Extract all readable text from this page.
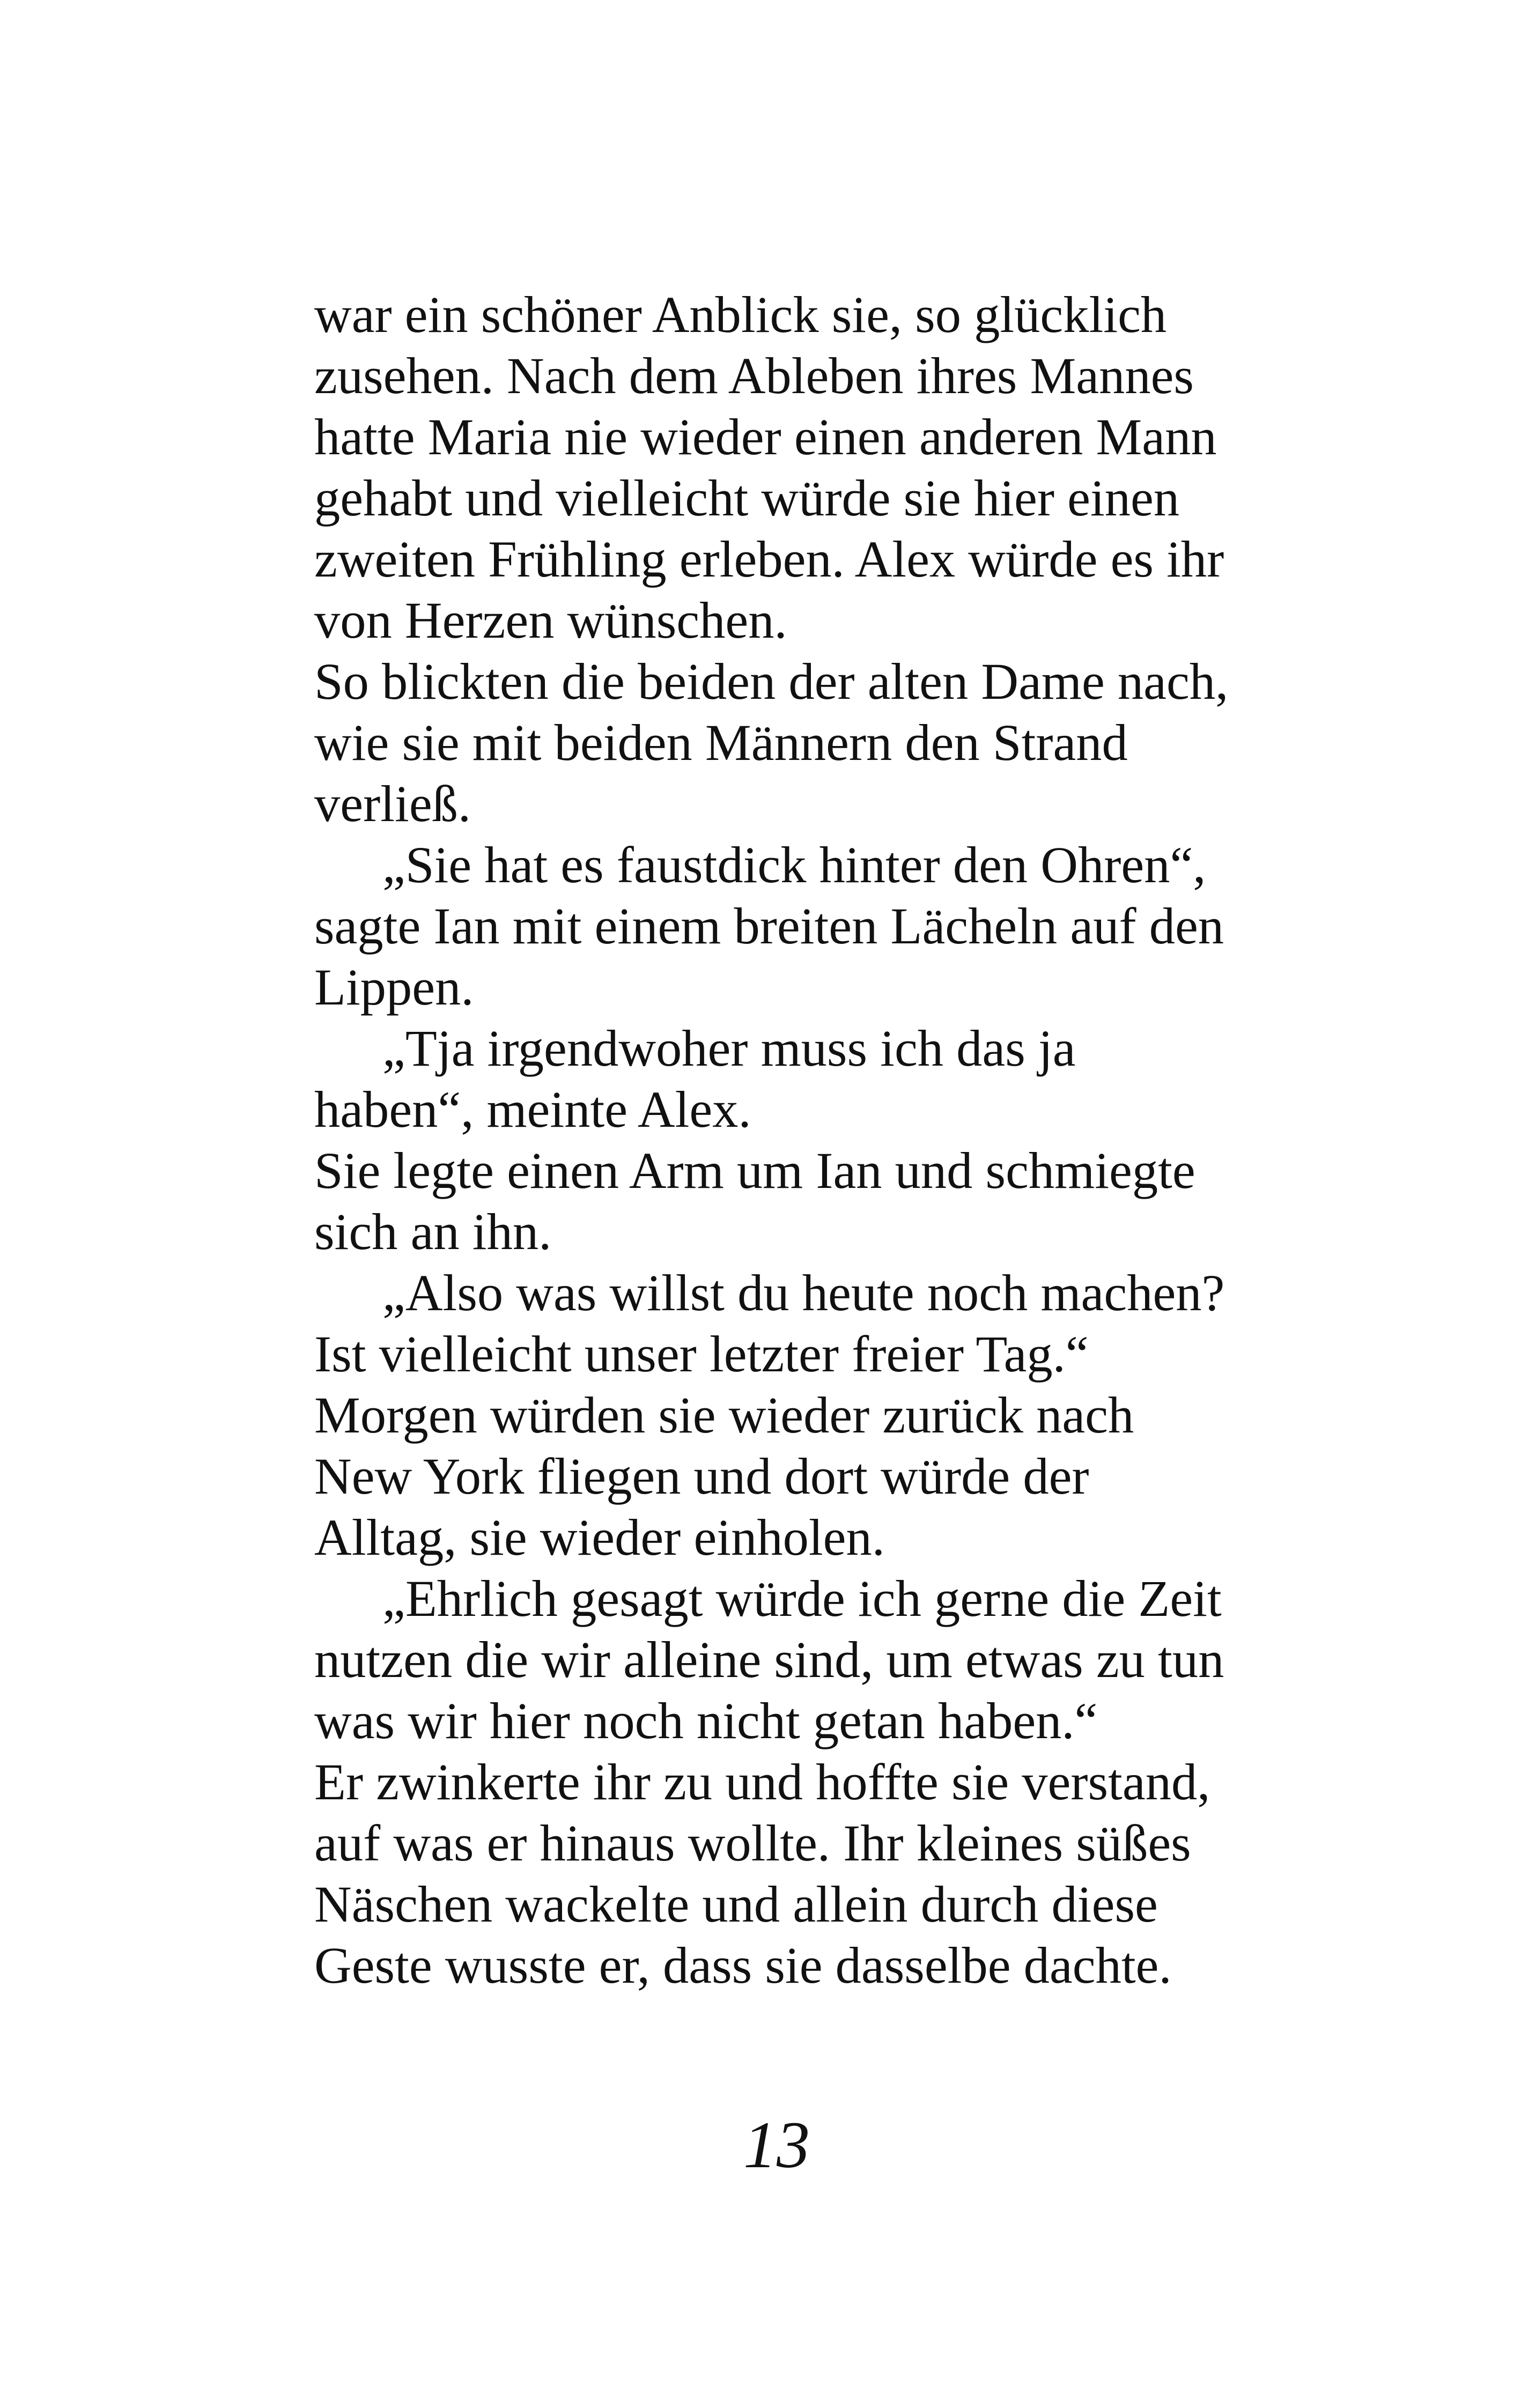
war ein schöner Anblick sie, so glücklich
zusehen. Nach dem Ableben ihres Mannes
hatte Maria nie wieder einen anderen Mann
gehabt und vielleicht würde sie hier einen
zweiten Frühling erleben. Alex würde es ihr
von Herzen wünschen.
So blickten die beiden der alten Dame nach,
wie sie mit beiden Männern den Strand
verließ.
„Sie hat es faustdick hinter den Ohren“,
sagte Ian mit einem breiten Lächeln auf den
Lippen.
„Tja irgendwoher muss ich das ja
haben“, meinte Alex.
Sie legte einen Arm um Ian und schmiegte
sich an ihn.
„Also was willst du heute noch machen?
Ist vielleicht unser letzter freier Tag.“
Morgen würden sie wieder zurück nach
New York fliegen und dort würde der
Alltag, sie wieder einholen.
„Ehrlich gesagt würde ich gerne die Zeit
nutzen die wir alleine sind, um etwas zu tun
was wir hier noch nicht getan haben.“
Er zwinkerte ihr zu und hoffte sie verstand,
auf was er hinaus wollte. Ihr kleines süßes
Näschen wackelte und allein durch diese
Geste wusste er, dass sie dasselbe dachte.
13
